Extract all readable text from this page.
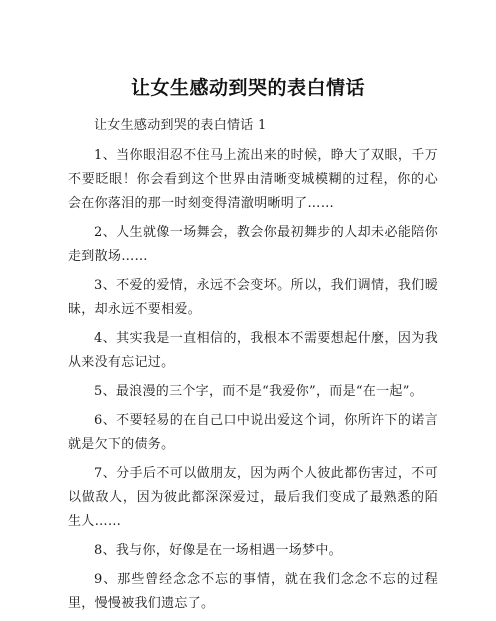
让女生感动到哭的表白情话

让女生感动到哭的表白情话 1

1、当你眼泪忍不住马上流出来的时候，睁大了双眼，千万不要眨眼！你会看到这个世界由清晰变城模糊的过程，你的心会在你落泪的那一时刻变得清澈明晰明了……

2、人生就像一场舞会，教会你最初舞步的人却未必能陪你走到散场……

3、不爱的爱情，永远不会变坏。所以，我们调情，我们暧昧，却永远不要相爱。

4、其实我是一直相信的，我根本不需要想起什麼，因为我从来没有忘记过。

5、最浪漫的三个字，而不是“我爱你”，而是“在一起”。

6、不要轻易的在自己口中说出爱这个词，你所许下的诺言就是欠下的债务。

7、分手后不可以做朋友，因为两个人彼此都伤害过，不可以做敌人，因为彼此都深深爱过，最后我们变成了最熟悉的陌生人……

8、我与你，好像是在一场相遇一场梦中。

9、那些曾经念念不忘的事情，就在我们念念不忘的过程里，慢慢被我们遗忘了。
